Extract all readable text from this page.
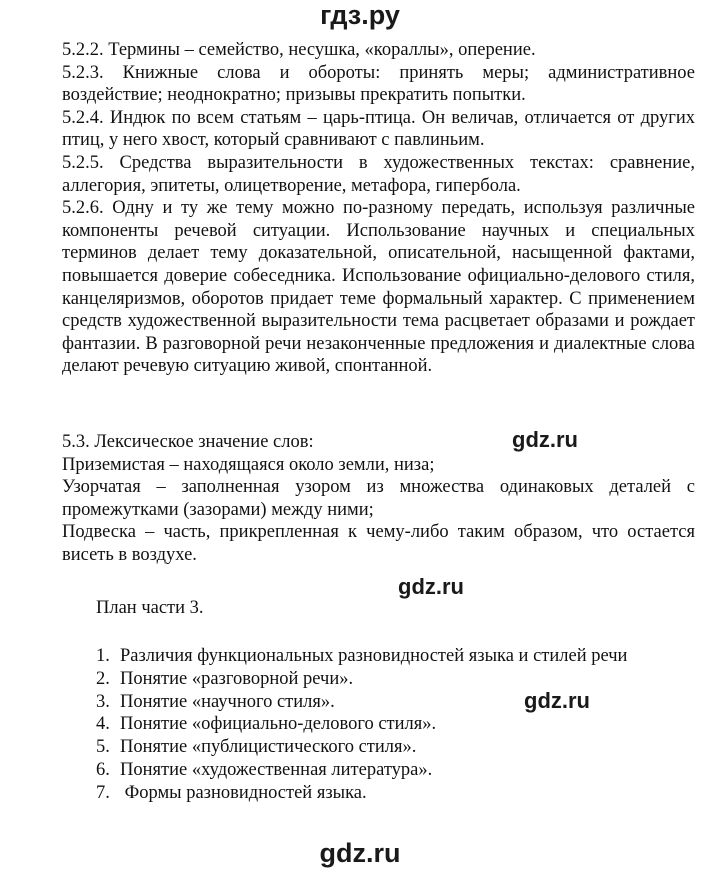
гдз.ру

5.2.2. Термины – семейство, несушка, «кораллы», оперение.

5.2.3. Книжные слова и обороты: принять меры; административное воздействие; неоднократно; призывы прекратить попытки.

5.2.4. Индюк по всем статьям – царь-птица. Он величав, отличается от других птиц, у него хвост, который сравнивают с павлиньим.

5.2.5. Средства выразительности в художественных текстах: сравнение, аллегория, эпитеты, олицетворение, метафора, гипербола.

5.2.6. Одну и ту же тему можно по-разному передать, используя различные компоненты речевой ситуации. Использование научных и специальных терминов делает тему доказательной, описательной, насыщенной фактами, повышается доверие собеседника. Использование официально-делового стиля, канцеляризмов, оборотов придает теме формальный характер. С применением средств художественной выразительности тема расцветает образами и рождает фантазии. В разговорной речи незаконченные предложения и диалектные слова делают речевую ситуацию живой, спонтанной.

5.3. Лексическое значение слов:

Приземистая – находящаяся около земли, низа;

Узорчатая – заполненная узором из множества одинаковых деталей с промежутками (зазорами) между ними;

Подвеска – часть, прикрепленная к чему-либо таким образом, что остается висеть в воздухе.

gdz.ru
gdz.ru

План части 3.

1. Различия функциональных разновидностей языка и стилей речи
2. Понятие «разговорной речи».
3. Понятие «научного стиля».
4. Понятие «официально-делового стиля».
5. Понятие «публицистического стиля».
6. Понятие «художественная литература».
7. Формы разновидностей языка.
gdz.ru
gdz.ru
